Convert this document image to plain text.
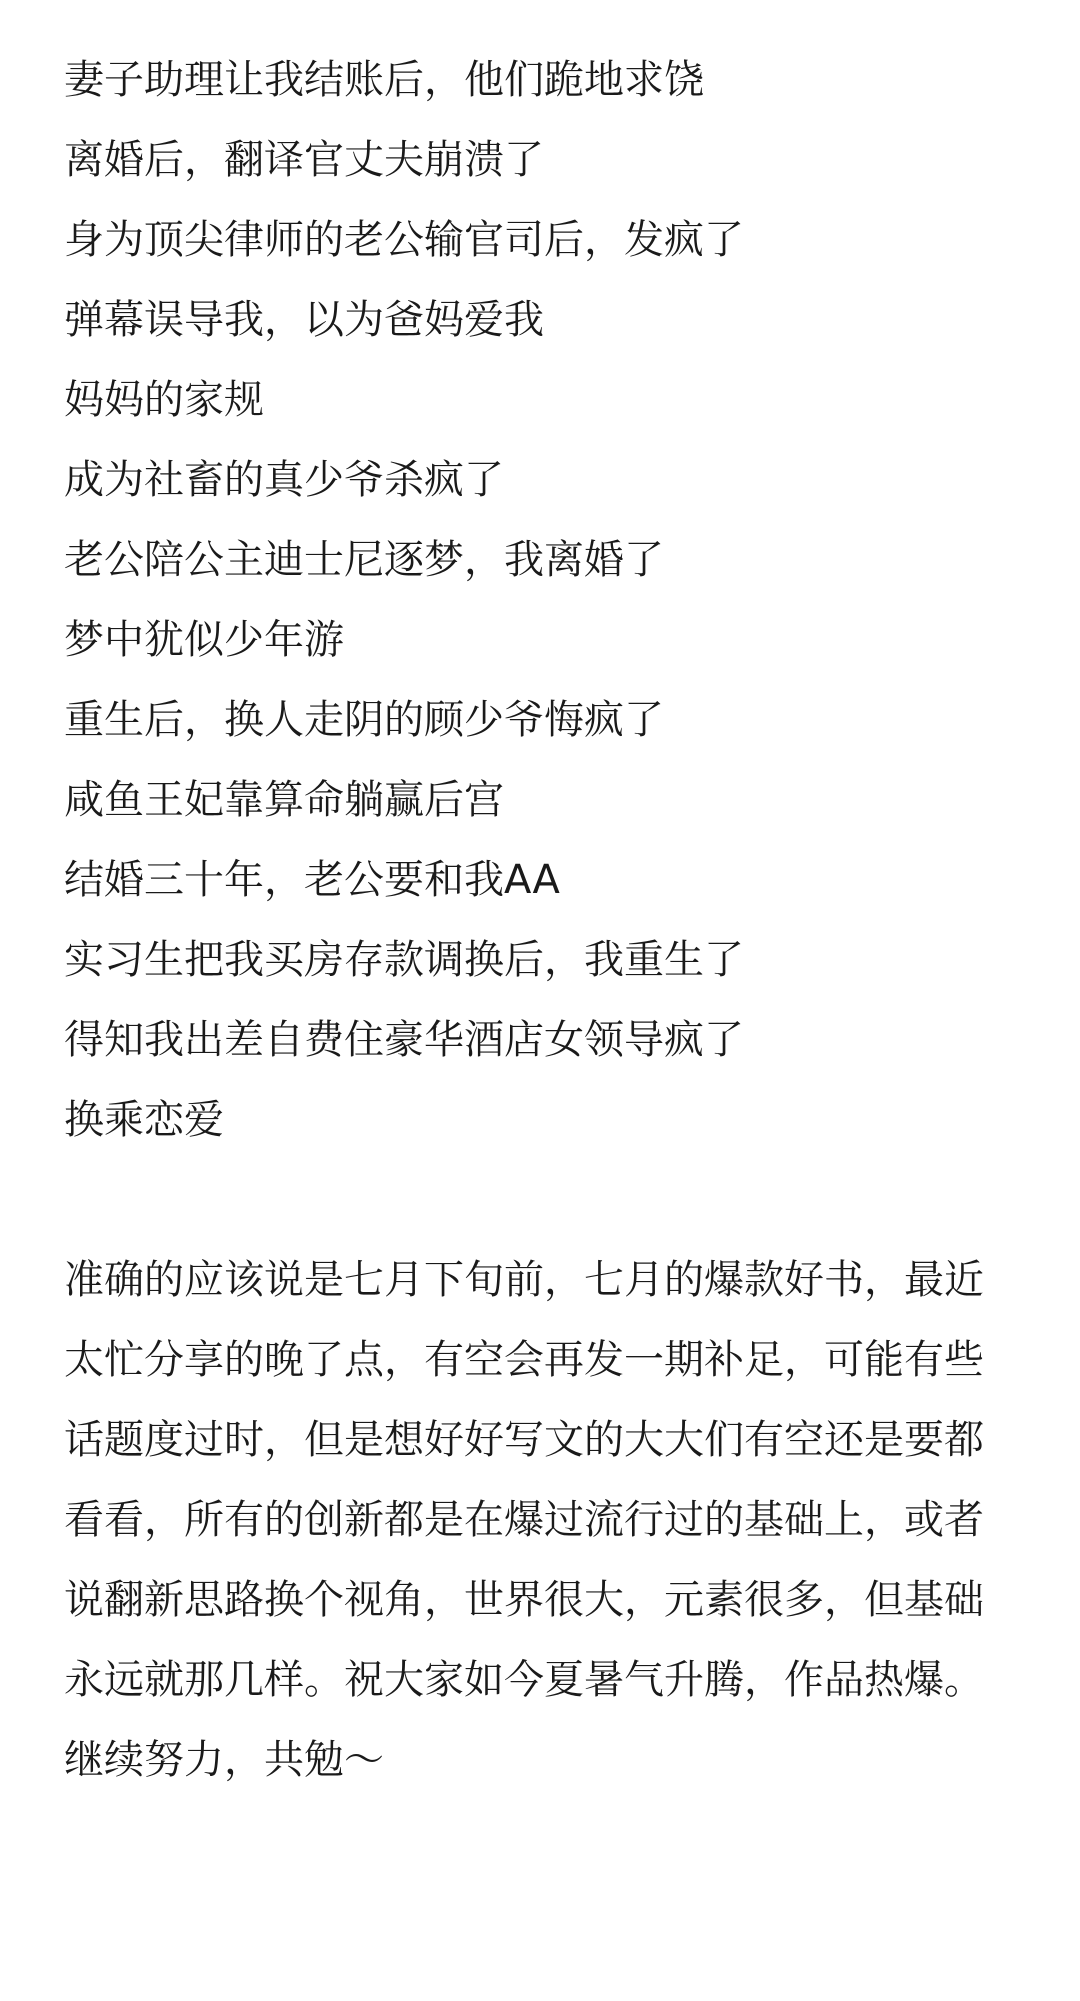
妻子助理让我结账后，他们跪地求饶
离婚后，翻译官丈夫崩溃了
身为顶尖律师的老公输官司后，发疯了
弹幕误导我，以为爸妈爱我
妈妈的家规
成为社畜的真少爷杀疯了
老公陪公主迪士尼逐梦，我离婚了
梦中犹似少年游
重生后，换人走阴的顾少爷悔疯了
咸鱼王妃靠算命躺赢后宫
结婚三十年，老公要和我AA
实习生把我买房存款调换后，我重生了
得知我出差自费住豪华酒店女领导疯了
换乘恋爱

准确的应该说是七月下旬前，七月的爆款好书，最近太忙分享的晚了点，有空会再发一期补足，可能有些话题度过时，但是想好好写文的大大们有空还是要都看看，所有的创新都是在爆过流行过的基础上，或者说翻新思路换个视角，世界很大，元素很多，但基础永远就那几样。祝大家如今夏暑气升腾，作品热爆。

继续努力，共勉～
